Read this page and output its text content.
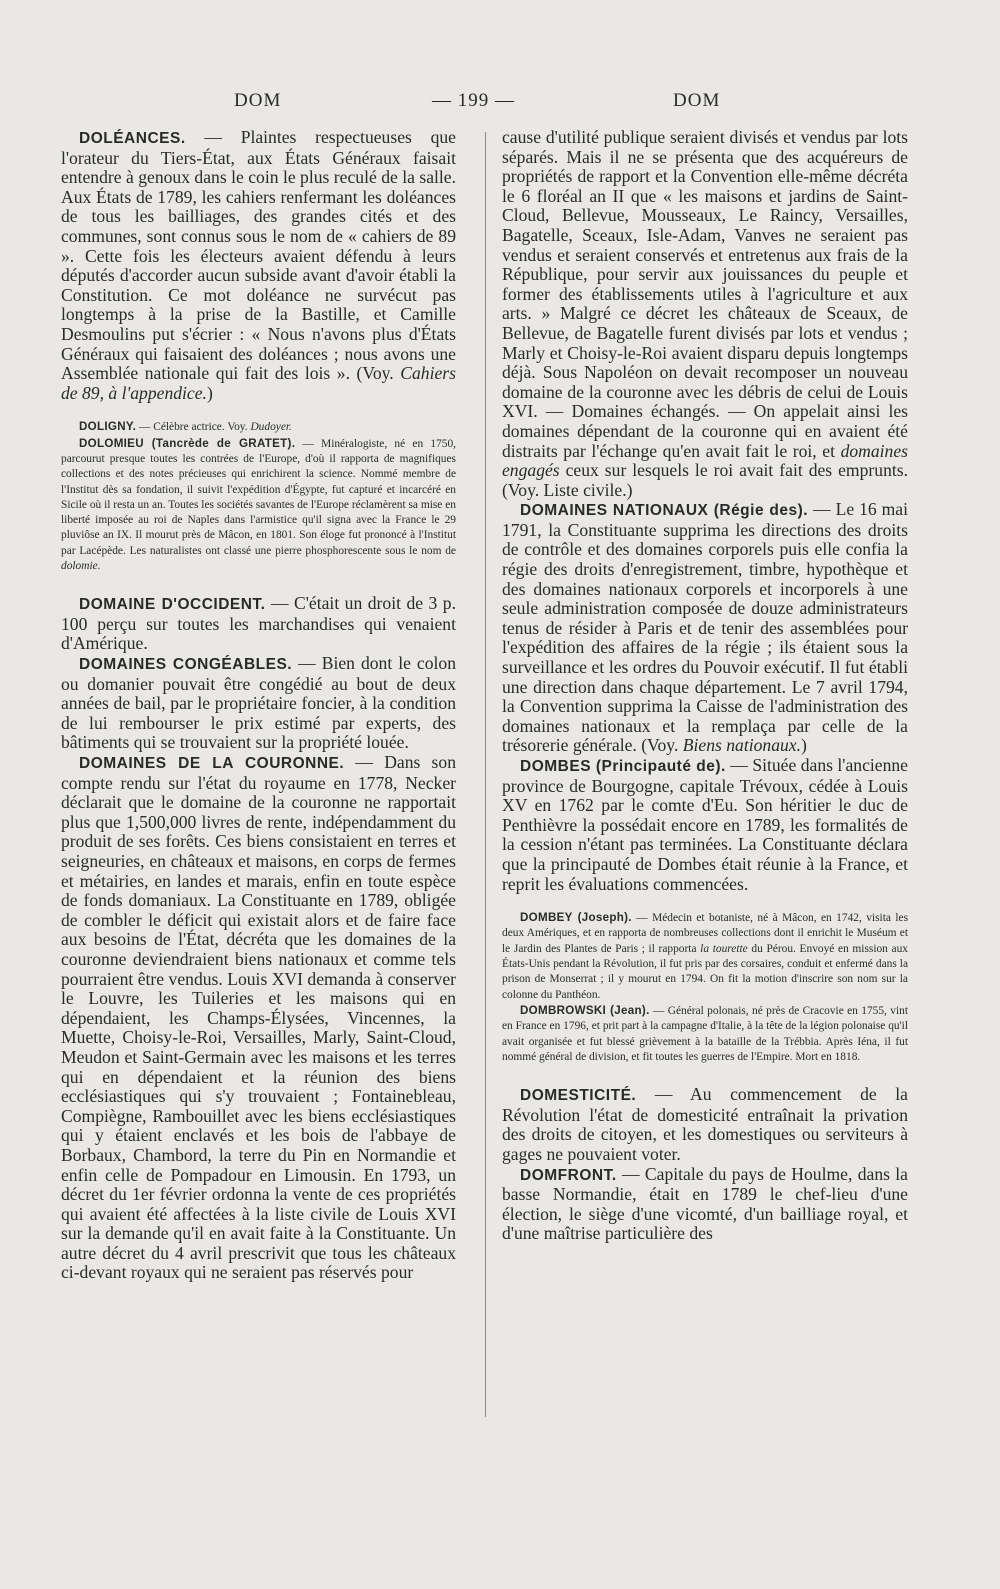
DOM	— 199 —	DOM

DOLÉANCES. — Plaintes respectueuses que l'orateur du Tiers-État, aux États Généraux faisait entendre à genoux dans le coin le plus reculé de la salle. Aux États de 1789, les cahiers renfermant les doléances de tous les bailliages, des grandes cités et des communes, sont connus sous le nom de « cahiers de 89 ». Cette fois les électeurs avaient défendu à leurs députés d'accorder aucun subside avant d'avoir établi la Constitution. Ce mot doléance ne survécut pas longtemps à la prise de la Bastille, et Camille Desmoulins put s'écrier : « Nous n'avons plus d'États Généraux qui faisaient des doléances ; nous avons une Assemblée nationale qui fait des lois ». (Voy. Cahiers de 89, à l'appendice.)

DOLIGNY. — Célèbre actrice. Voy. Dudoyer.

DOLOMIEU (Tancrède de GRATET). — Minéralogiste, né en 1750, parcourut presque toutes les contrées de l'Europe, d'où il rapporta de magnifiques collections et des notes précieuses qui enrichirent la science. Nommé membre de l'Institut dès sa fondation, il suivit l'expédition d'Égypte, fut capturé et incarcéré en Sicile où il resta un an. Toutes les sociétés savantes de l'Europe réclamèrent sa mise en liberté imposée au roi de Naples dans l'armistice qu'il signa avec la France le 29 pluviôse an IX. Il mourut près de Mâcon, en 1801. Son éloge fut prononcé à l'Institut par Lacépède. Les naturalistes ont classé une pierre phosphorescente sous le nom de dolomie.

DOMAINE D'OCCIDENT. — C'était un droit de 3 p. 100 perçu sur toutes les marchandises qui venaient d'Amérique.

DOMAINES CONGÉABLES. — Bien dont le colon ou domanier pouvait être congédié au bout de deux années de bail, par le propriétaire foncier, à la condition de lui rembourser le prix estimé par experts, des bâtiments qui se trouvaient sur la propriété louée.

DOMAINES DE LA COURONNE. — Dans son compte rendu sur l'état du royaume en 1778, Necker déclarait que le domaine de la couronne ne rapportait plus que 1,500,000 livres de rente, indépendamment du produit de ses forêts. Ces biens consistaient en terres et seigneuries, en châteaux et maisons, en corps de fermes et métairies, en landes et marais, enfin en toute espèce de fonds domaniaux. La Constituante en 1789, obligée de combler le déficit qui existait alors et de faire face aux besoins de l'État, décréta que les domaines de la couronne deviendraient biens nationaux et comme tels pourraient être vendus. Louis XVI demanda à conserver le Louvre, les Tuileries et les maisons qui en dépendaient, les Champs-Élysées, Vincennes, la Muette, Choisy-le-Roi, Versailles, Marly, Saint-Cloud, Meudon et Saint-Germain avec les maisons et les terres qui en dépendaient et la réunion des biens ecclésiastiques qui s'y trouvaient ; Fontainebleau, Compiègne, Rambouillet avec les biens ecclésiastiques qui y étaient enclavés et les bois de l'abbaye de Borbaux, Chambord, la terre du Pin en Normandie et enfin celle de Pompadour en Limousin. En 1793, un décret du 1er février ordonna la vente de ces propriétés qui avaient été affectées à la liste civile de Louis XVI sur la demande qu'il en avait faite à la Constituante. Un autre décret du 4 avril prescrivit que tous les châteaux ci-devant royaux qui ne seraient pas réservés pour

cause d'utilité publique seraient divisés et vendus par lots séparés. Mais il ne se présenta que des acquéreurs de propriétés de rapport et la Convention elle-même décréta le 6 floréal an II que « les maisons et jardins de Saint-Cloud, Bellevue, Mousseaux, Le Raincy, Versailles, Bagatelle, Sceaux, Isle-Adam, Vanves ne seraient pas vendus et seraient conservés et entretenus aux frais de la République, pour servir aux jouissances du peuple et former des établissements utiles à l'agriculture et aux arts. » Malgré ce décret les châteaux de Sceaux, de Bellevue, de Bagatelle furent divisés par lots et vendus ; Marly et Choisy-le-Roi avaient disparu depuis longtemps déjà. Sous Napoléon on devait recomposer un nouveau domaine de la couronne avec les débris de celui de Louis XVI. — Domaines échangés. — On appelait ainsi les domaines dépendant de la couronne qui en avaient été distraits par l'échange qu'en avait fait le roi, et domaines engagés ceux sur lesquels le roi avait fait des emprunts. (Voy. Liste civile.)

DOMAINES NATIONAUX (Régie des). — Le 16 mai 1791, la Constituante supprima les directions des droits de contrôle et des domaines corporels puis elle confia la régie des droits d'enregistrement, timbre, hypothèque et des domaines nationaux corporels et incorporels à une seule administration composée de douze administrateurs tenus de résider à Paris et de tenir des assemblées pour l'expédition des affaires de la régie ; ils étaient sous la surveillance et les ordres du Pouvoir exécutif. Il fut établi une direction dans chaque département. Le 7 avril 1794, la Convention supprima la Caisse de l'administration des domaines nationaux et la remplaça par celle de la trésorerie générale. (Voy. Biens nationaux.)

DOMBES (Principauté de). — Située dans l'ancienne province de Bourgogne, capitale Trévoux, cédée à Louis XV en 1762 par le comte d'Eu. Son héritier le duc de Penthièvre la possédait encore en 1789, les formalités de la cession n'étant pas terminées. La Constituante déclara que la principauté de Dombes était réunie à la France, et reprit les évaluations commencées.

DOMBEY (Joseph). — Médecin et botaniste, né à Mâcon, en 1742, visita les deux Amériques, et en rapporta de nombreuses collections dont il enrichit le Muséum et le Jardin des Plantes de Paris ; il rapporta la tourette du Pérou. Envoyé en mission aux États-Unis pendant la Révolution, il fut pris par des corsaires, conduit et enfermé dans la prison de Monserrat ; il y mourut en 1794. On fit la motion d'inscrire son nom sur la colonne du Panthéon.

DOMBROWSKI (Jean). — Général polonais, né près de Cracovie en 1755, vint en France en 1796, et prit part à la campagne d'Italie, à la tête de la légion polonaise qu'il avait organisée et fut blessé grièvement à la bataille de la Trébbia. Après Iéna, il fut nommé général de division, et fit toutes les guerres de l'Empire. Mort en 1818.

DOMESTICITÉ. — Au commencement de la Révolution l'état de domesticité entraînait la privation des droits de citoyen, et les domestiques ou serviteurs à gages ne pouvaient voter.

DOMFRONT. — Capitale du pays de Houlme, dans la basse Normandie, était en 1789 le chef-lieu d'une élection, le siège d'une vicomté, d'un bailliage royal, et d'une maîtrise particulière des
